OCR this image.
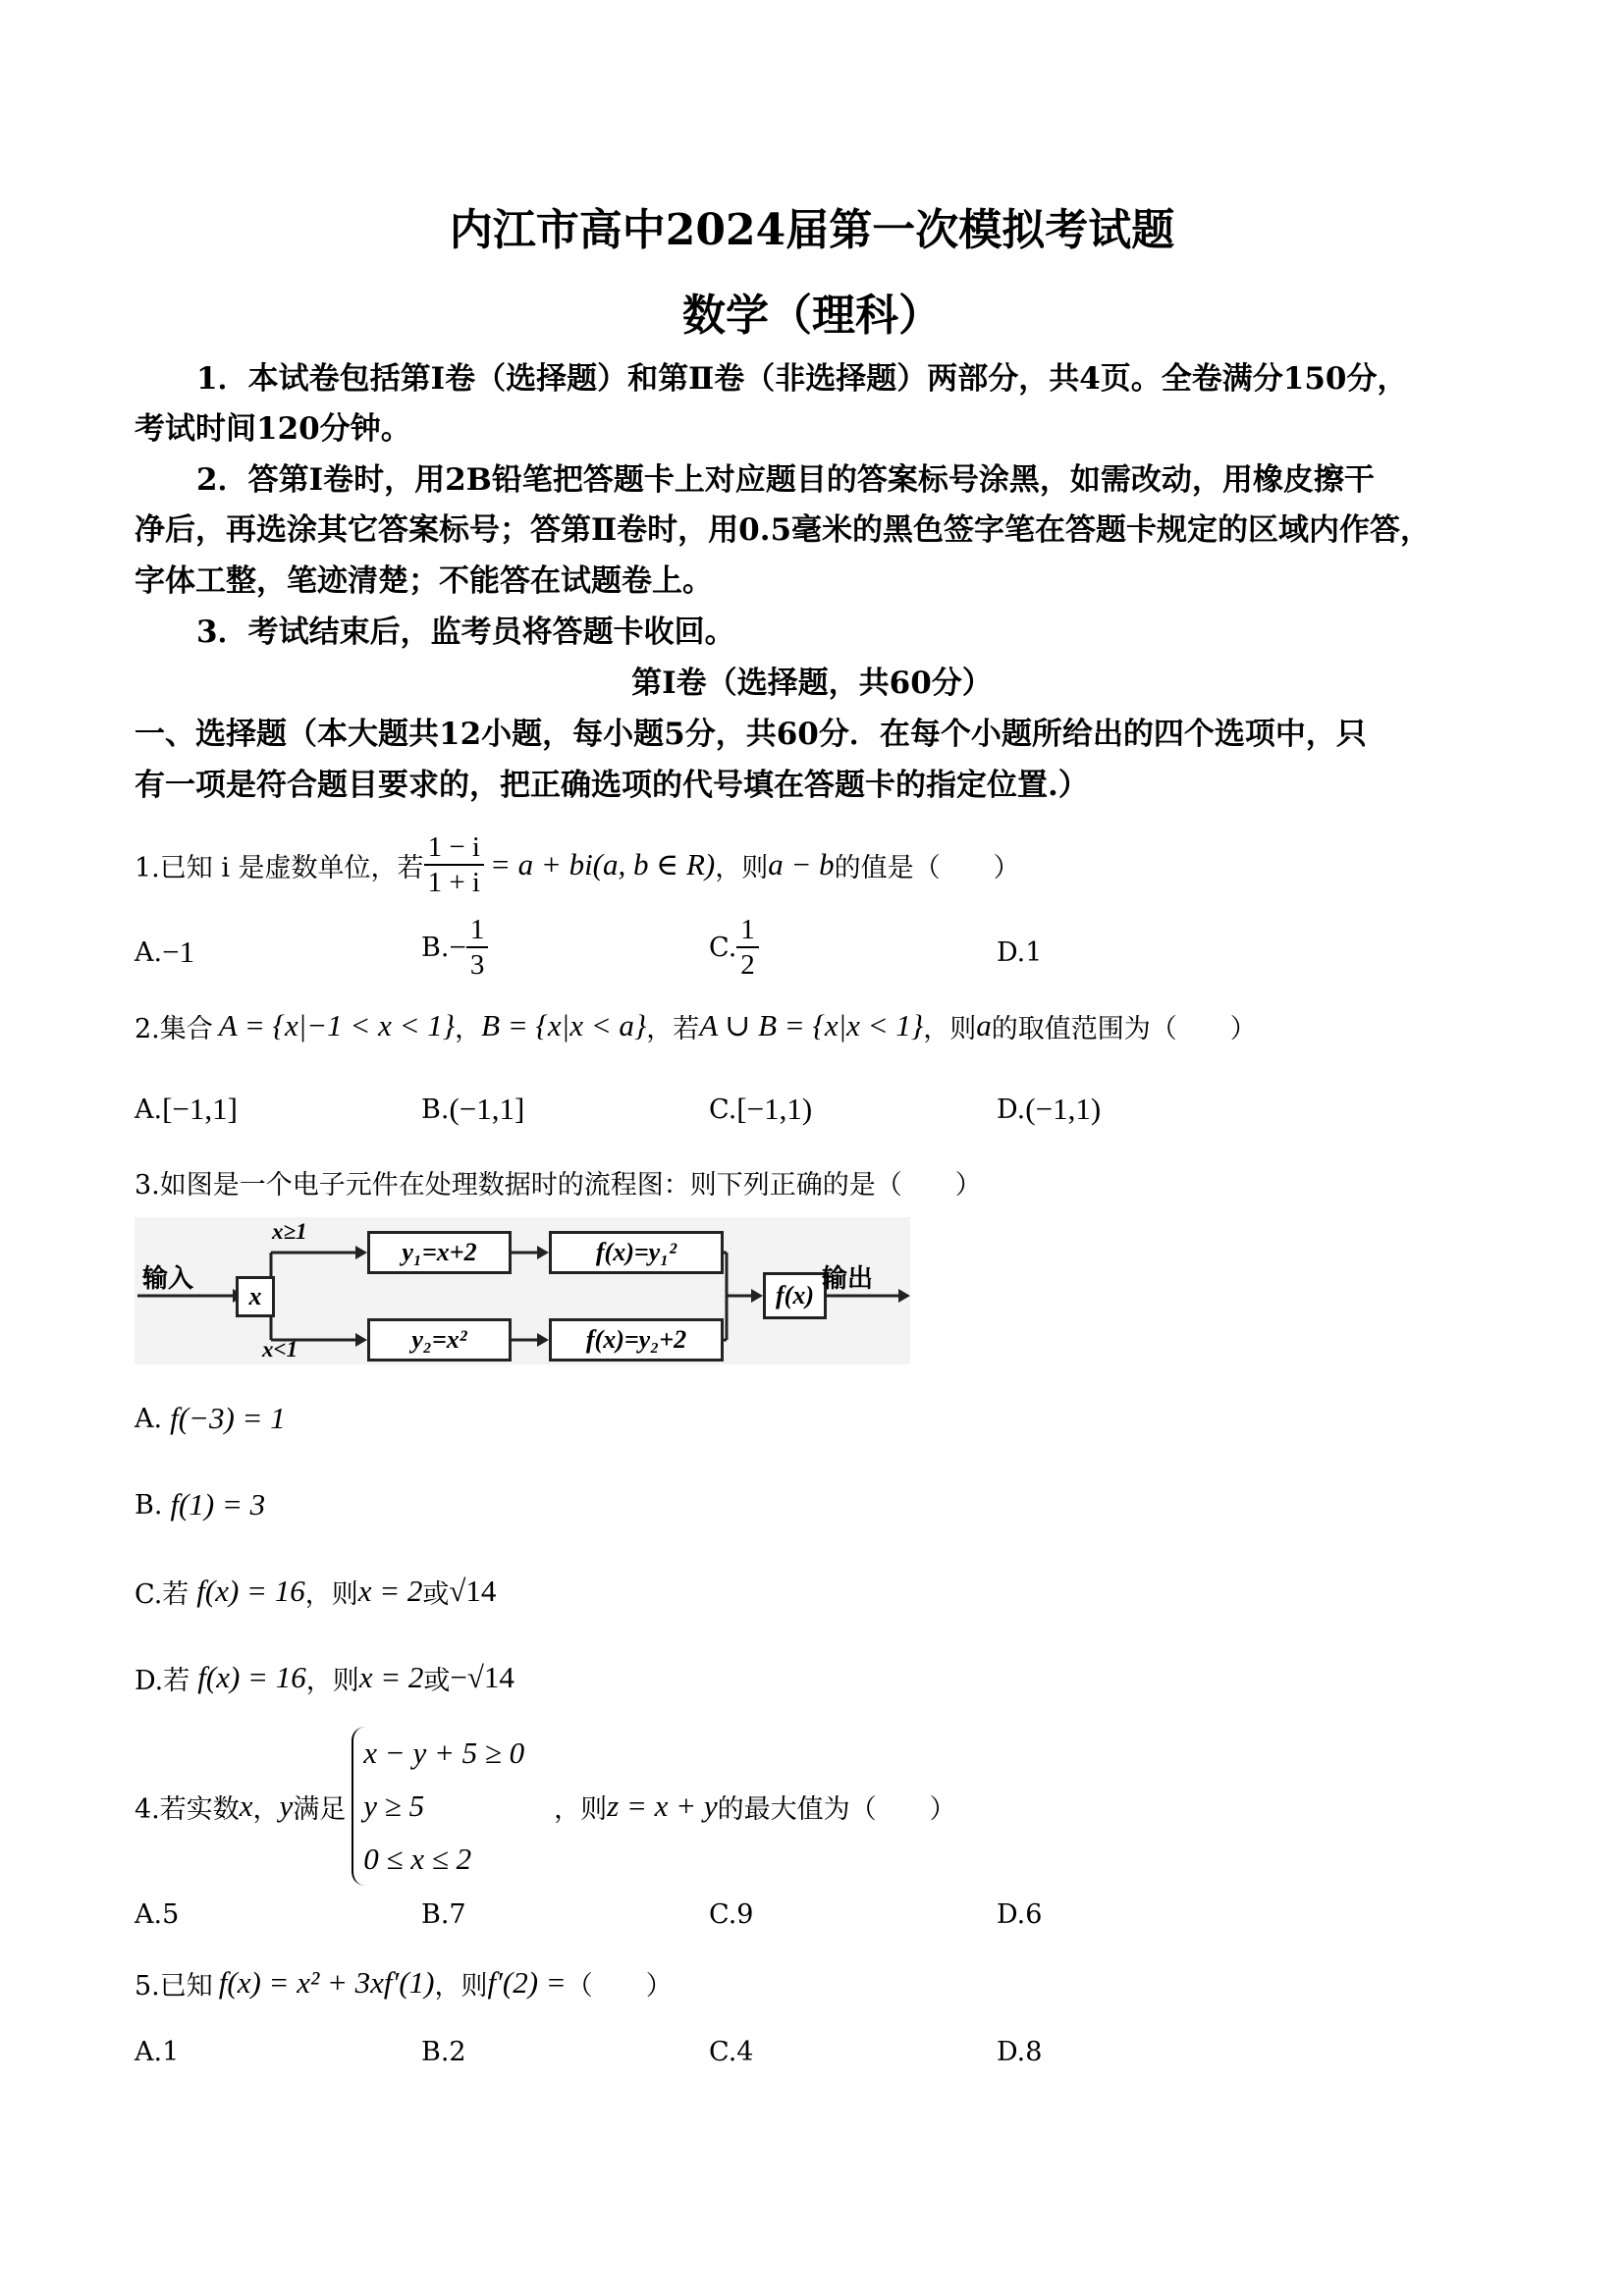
内江市高中2024届第一次模拟考试题
数学（理科）
1．本试卷包括第Ⅰ卷（选择题）和第Ⅱ卷（非选择题）两部分，共4页。全卷满分150分，
考试时间120分钟。
2．答第Ⅰ卷时，用2B铅笔把答题卡上对应题目的答案标号涂黑，如需改动，用橡皮擦干
净后，再选涂其它答案标号；答第Ⅱ卷时，用0.5毫米的黑色签字笔在答题卡规定的区域内作答，
字体工整，笔迹清楚；不能答在试题卷上。
3．考试结束后，监考员将答题卡收回。
第Ⅰ卷（选择题，共60分）
一、选择题（本大题共12小题，每小题5分，共60分．在每个小题所给出的四个选项中，只
有一项是符合题目要求的，把正确选项的代号填在答题卡的指定位置.）
1.已知 i 是虚数单位，若 $\frac{1 - i}{1 + i} = a + bi(a$, b ∈ R) ，则 a − b 的值是（　　）
A. −1	B. − $\frac{1}{3}$	C. $\frac{1}{2}$	D.1
2.集合 A = {x|−1 < x < 1} ， B = {x|x < a} ，若 A ∪ B = {x|x < 1} ，则 a 的取值范围为（　　）
A. [−1,1]	B. (−1,1]	C. [−1,1)	D. (−1,1)
3.如图是一个电子元件在处理数据时的流程图：则下列正确的是（　　）
输入
x
x≥1
x<1
y₁=x+2
y₂=x²
f(x)=y₁²
f(x)=y₂+2
f(x)
输出
A. f(−3) = 1
B. f(1) = 3
C.若 f(x) = 16 ，则 x = 2 或 √14
D.若 f(x) = 16 ，则 x = 2 或 −√14
4.若实数 x ， y 满足
x − y + 5 ≥ 0
y ≥ 5
0 ≤ x ≤ 2
，则 z = x + y 的最大值为（　　）
A.5	B.7	C.9	D.6
5.已知 f(x) = x² + 3xf′(1) ，则 f′(2) = （　　）
A.1	B.2	C.4	D.8
